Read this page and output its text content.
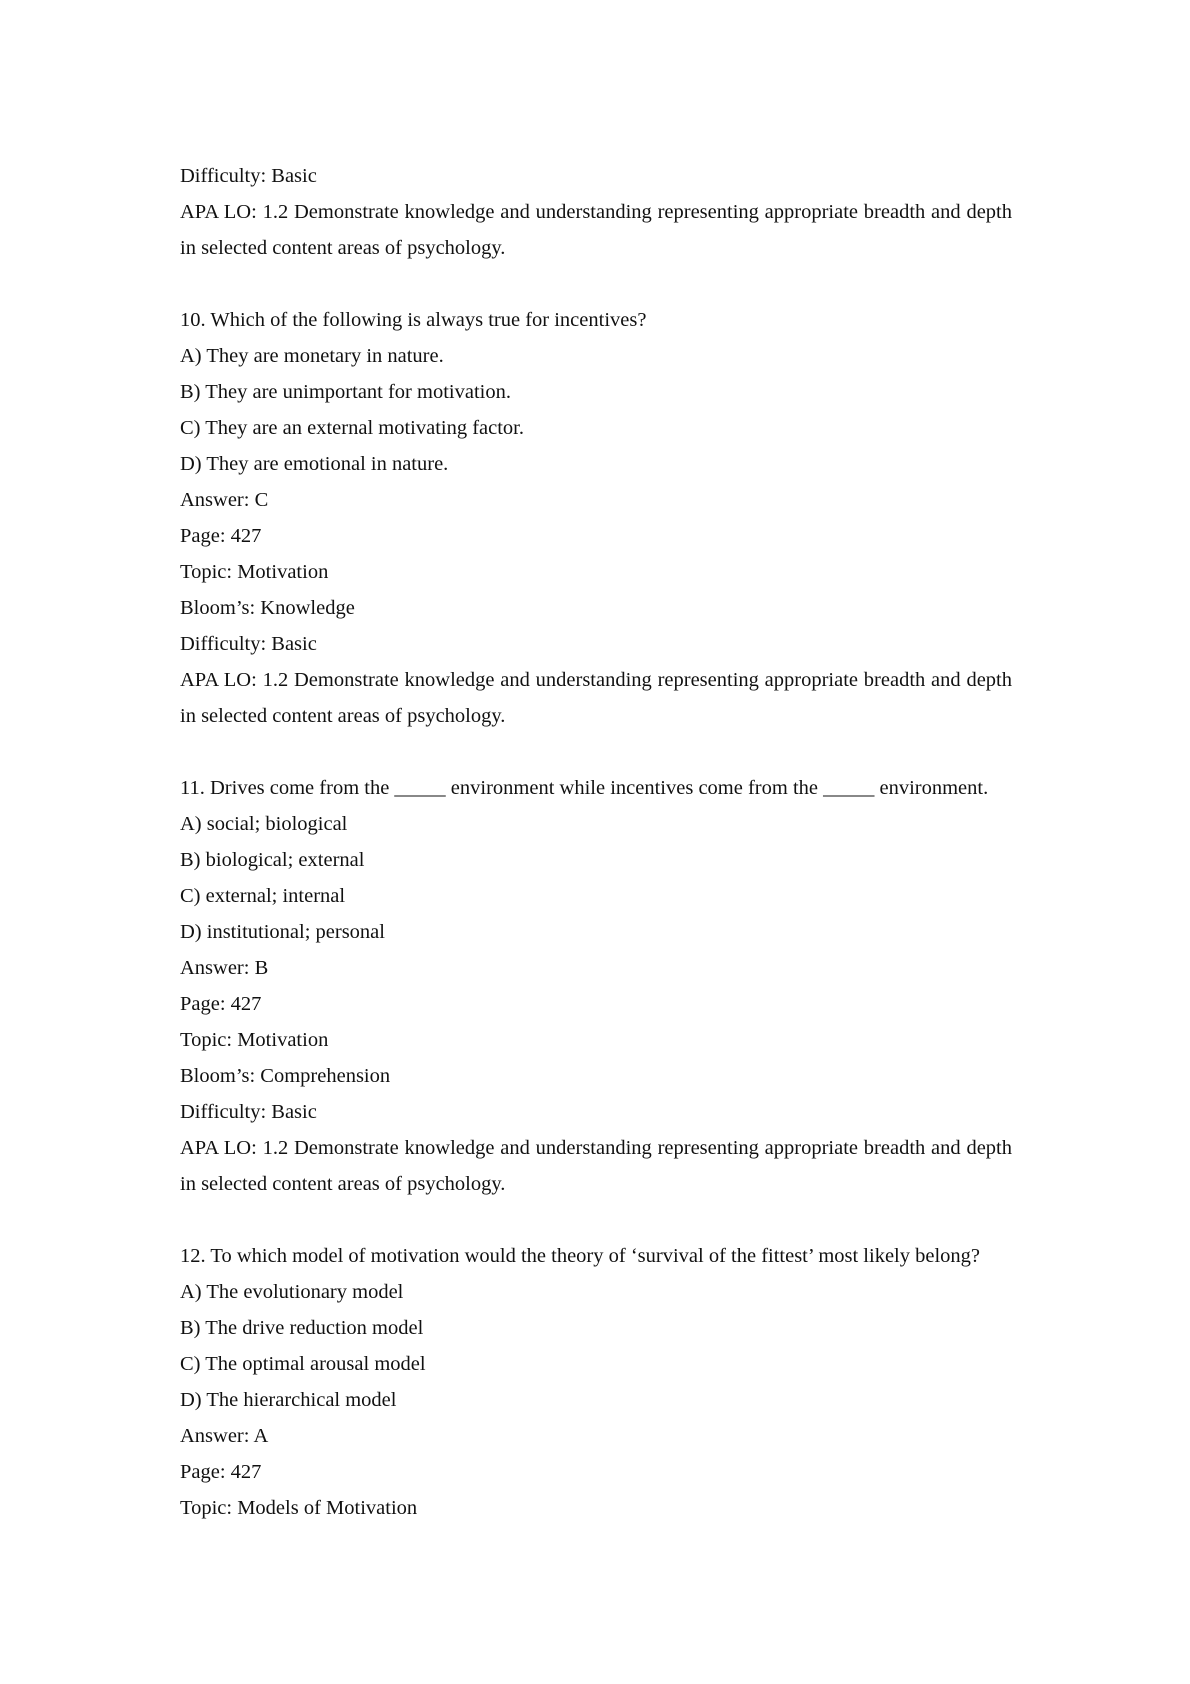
Difficulty: Basic
APA LO: 1.2 Demonstrate knowledge and understanding representing appropriate breadth and depth in selected content areas of psychology.
10. Which of the following is always true for incentives?
A) They are monetary in nature.
B) They are unimportant for motivation.
C) They are an external motivating factor.
D) They are emotional in nature.
Answer: C
Page: 427
Topic: Motivation
Bloom’s: Knowledge
Difficulty: Basic
APA LO: 1.2 Demonstrate knowledge and understanding representing appropriate breadth and depth in selected content areas of psychology.
11. Drives come from the _____ environment while incentives come from the _____ environment.
A) social; biological
B) biological; external
C) external; internal
D) institutional; personal
Answer: B
Page: 427
Topic: Motivation
Bloom’s: Comprehension
Difficulty: Basic
APA LO: 1.2 Demonstrate knowledge and understanding representing appropriate breadth and depth in selected content areas of psychology.
12. To which model of motivation would the theory of ‘survival of the fittest’ most likely belong?
A) The evolutionary model
B) The drive reduction model
C) The optimal arousal model
D) The hierarchical model
Answer: A
Page: 427
Topic: Models of Motivation
